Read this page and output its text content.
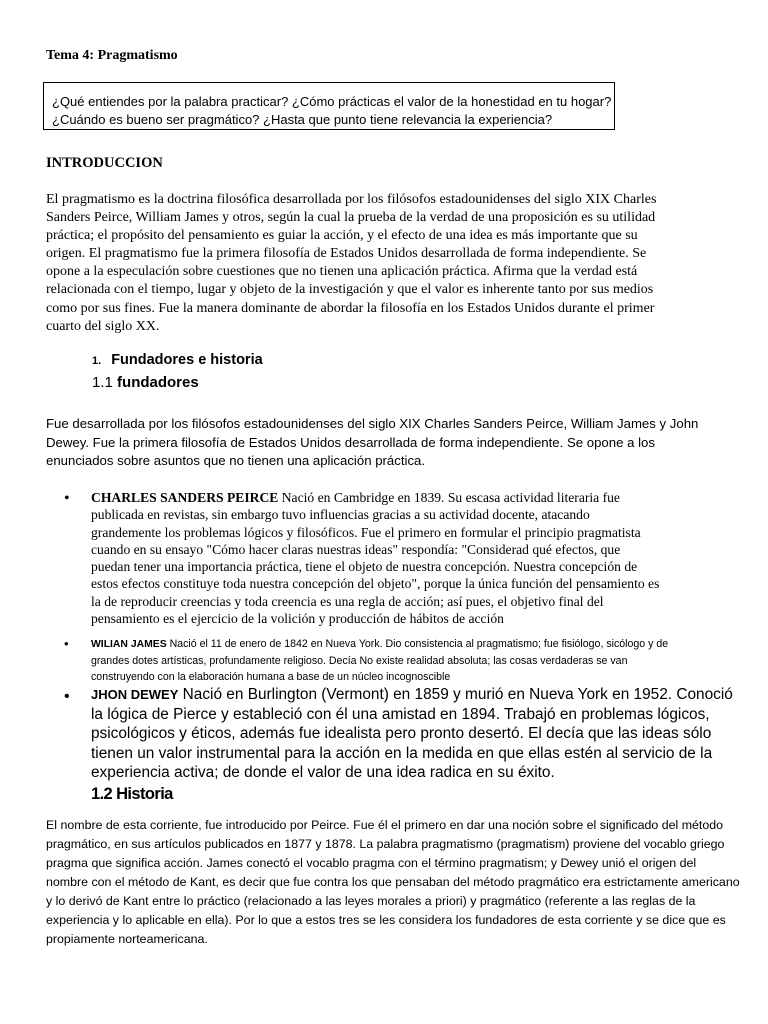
Tema 4: Pragmatismo
¿Qué entiendes por la palabra practicar? ¿Cómo prácticas el valor de la honestidad en tu hogar?
¿Cuándo es bueno ser pragmático? ¿Hasta que punto tiene relevancia la experiencia?
INTRODUCCION
El pragmatismo es la doctrina filosófica desarrollada por los filósofos estadounidenses del siglo XIX Charles
Sanders Peirce, William James y otros, según la cual la prueba de la verdad de una proposición es su utilidad
práctica; el propósito del pensamiento es guiar la acción, y el efecto de una idea es más importante que su
origen. El pragmatismo fue la primera filosofía de Estados Unidos desarrollada de forma independiente. Se
opone a la especulación sobre cuestiones que no tienen una aplicación práctica. Afirma que la verdad está
relacionada con el tiempo, lugar y objeto de la investigación y que el valor es inherente tanto por sus medios
como por sus fines. Fue la manera dominante de abordar la filosofía en los Estados Unidos durante el primer
cuarto del siglo XX.
1. Fundadores e historia
1.1 fundadores
Fue desarrollada por los filósofos estadounidenses del siglo XIX Charles Sanders Peirce, William James y John
Dewey. Fue la primera filosofía de Estados Unidos desarrollada de forma independiente. Se opone a los
enunciados sobre asuntos que no tienen una aplicación práctica.
• CHARLES SANDERS PEIRCE Nació en Cambridge en 1839. Su escasa actividad literaria fue
publicada en revistas, sin embargo tuvo influencias gracias a su actividad docente, atacando
grandemente los problemas lógicos y filosóficos. Fue el primero en formular el principio pragmatista
cuando en su ensayo "Cómo hacer claras nuestras ideas" respondía: "Considerad qué efectos, que
puedan tener una importancia práctica, tiene el objeto de nuestra concepción. Nuestra concepción de
estos efectos constituye toda nuestra concepción del objeto", porque la única función del pensamiento es
la de reproducir creencias y toda creencia es una regla de acción; así pues, el objetivo final del
pensamiento es el ejercicio de la volición y producción de hábitos de acción
• WILIAN JAMES Nació el 11 de enero de 1842 en Nueva York. Dio consistencia al pragmatismo; fue fisiólogo, sicólogo y de
grandes dotes artísticas, profundamente religioso. Decía No existe realidad absoluta; las cosas verdaderas se van
construyendo con la elaboración humana a base de un núcleo incognoscible
• JHON DEWEY Nació en Burlington (Vermont) en 1859 y murió en Nueva York en 1952. Conoció
la lógica de Pierce y estableció con él una amistad en 1894. Trabajó en problemas lógicos,
psicológicos y éticos, además fue idealista pero pronto desertó. El decía que las ideas sólo
tienen un valor instrumental para la acción en la medida en que ellas estén al servicio de la
experiencia activa; de donde el valor de una idea radica en su éxito.
1.2 Historia
El nombre de esta corriente, fue introducido por Peirce. Fue él el primero en dar una noción sobre el significado del método
pragmático, en sus artículos publicados en 1877 y 1878. La palabra pragmatismo (pragmatism) proviene del vocablo griego
pragma que significa acción. James conectó el vocablo pragma con el término pragmatism; y Dewey unió el origen del
nombre con el método de Kant, es decir que fue contra los que pensaban del método pragmático era estrictamente americano
y lo derivó de Kant entre lo práctico (relacionado a las leyes morales a priori) y pragmático (referente a las reglas de la
experiencia y lo aplicable en ella). Por lo que a estos tres se les considera los fundadores de esta corriente y se dice que es
propiamente norteamericana.
